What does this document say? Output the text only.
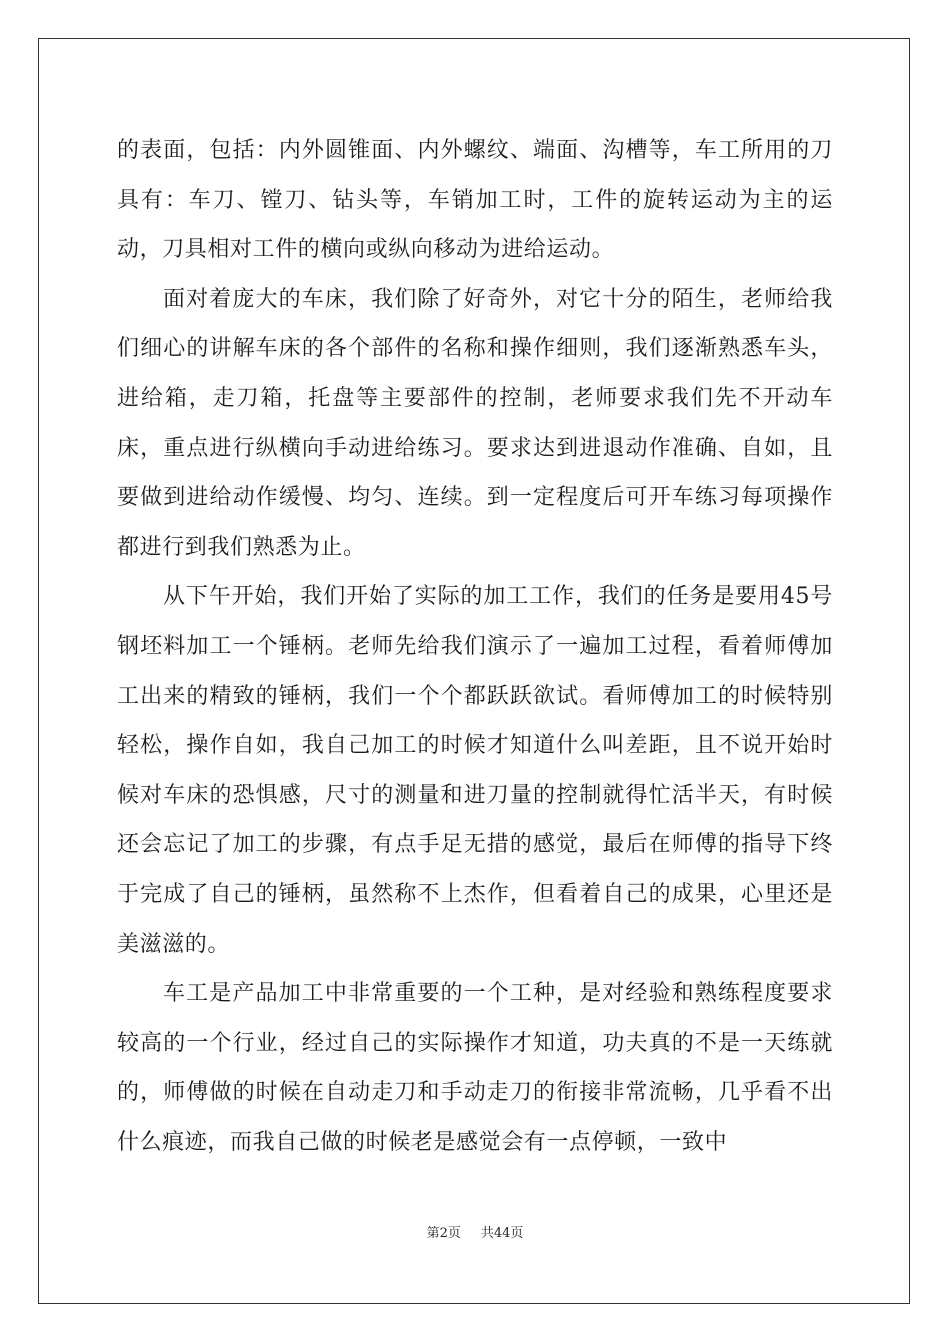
的表面，包括：内外圆锥面、内外螺纹、端面、沟槽等，车工所用的刀具有：车刀、镗刀、钻头等，车销加工时，工件的旋转运动为主的运动，刀具相对工件的横向或纵向移动为进给运动。

面对着庞大的车床，我们除了好奇外，对它十分的陌生，老师给我们细心的讲解车床的各个部件的名称和操作细则，我们逐渐熟悉车头，进给箱，走刀箱，托盘等主要部件的控制，老师要求我们先不开动车床，重点进行纵横向手动进给练习。要求达到进退动作准确、自如，且要做到进给动作缓慢、均匀、连续。到一定程度后可开车练习每项操作都进行到我们熟悉为止。

从下午开始，我们开始了实际的加工工作，我们的任务是要用45号钢坯料加工一个锤柄。老师先给我们演示了一遍加工过程，看着师傅加工出来的精致的锤柄，我们一个个都跃跃欲试。看师傅加工的时候特别轻松，操作自如，我自己加工的时候才知道什么叫差距，且不说开始时候对车床的恐惧感，尺寸的测量和进刀量的控制就得忙活半天，有时候还会忘记了加工的步骤，有点手足无措的感觉，最后在师傅的指导下终于完成了自己的锤柄，虽然称不上杰作，但看着自己的成果，心里还是美滋滋的。

车工是产品加工中非常重要的一个工种，是对经验和熟练程度要求较高的一个行业，经过自己的实际操作才知道，功夫真的不是一天练就的，师傅做的时候在自动走刀和手动走刀的衔接非常流畅，几乎看不出什么痕迹，而我自己做的时候老是感觉会有一点停顿，一致中

第2页 共44页
